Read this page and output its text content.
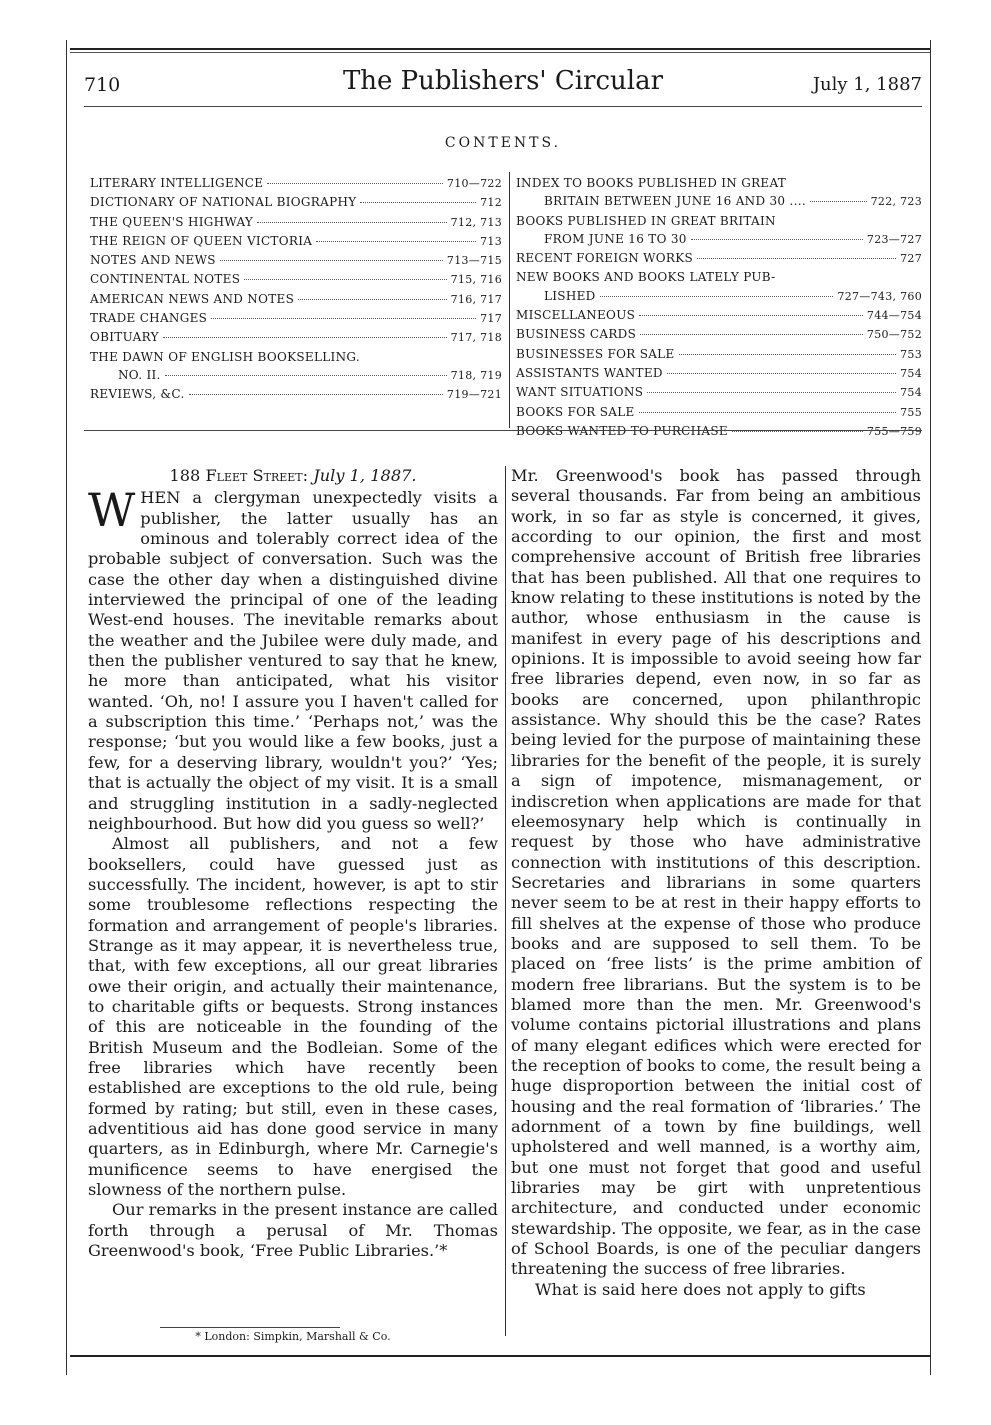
710	The Publishers' Circular	July 1, 1887
CONTENTS.
LITERARY INTELLIGENCE	710—722
DICTIONARY OF NATIONAL BIOGRAPHY	712
THE QUEEN'S HIGHWAY	712, 713
THE REIGN OF QUEEN VICTORIA	713
NOTES AND NEWS	713—715
CONTINENTAL NOTES	715, 716
AMERICAN NEWS AND NOTES	716, 717
TRADE CHANGES	717
OBITUARY	717, 718
THE DAWN OF ENGLISH BOOKSELLING.
NO. II.	718, 719
REVIEWS, &C.	719—721
INDEX TO BOOKS PUBLISHED IN GREAT
BRITAIN BETWEEN JUNE 16 AND 30 ....	722, 723
BOOKS PUBLISHED IN GREAT BRITAIN
FROM JUNE 16 TO 30	723—727
RECENT FOREIGN WORKS	727
NEW BOOKS AND BOOKS LATELY PUB-
LISHED	727—743, 760
MISCELLANEOUS	744—754
BUSINESS CARDS	750—752
BUSINESSES FOR SALE	753
ASSISTANTS WANTED	754
WANT SITUATIONS	754
BOOKS FOR SALE	755
BOOKS WANTED TO PURCHASE	755—759
188 Fleet Street: July 1, 1887.

WHEN a clergyman unexpectedly visits a publisher, the latter usually has an ominous and tolerably correct idea of the probable subject of conversation. Such was the case the other day when a distinguished divine interviewed the principal of one of the leading West-end houses. The inevitable remarks about the weather and the Jubilee were duly made, and then the publisher ventured to say that he knew, he more than anticipated, what his visitor wanted. ‘Oh, no! I assure you I haven't called for a subscription this time.’ ‘Perhaps not,’ was the response; ‘but you would like a few books, just a few, for a deserving library, wouldn't you?’ ‘Yes; that is actually the object of my visit. It is a small and struggling institution in a sadly-neglected neighbourhood. But how did you guess so well?’

Almost all publishers, and not a few booksellers, could have guessed just as successfully. The incident, however, is apt to stir some troublesome reflections respecting the formation and arrangement of people's libraries. Strange as it may appear, it is nevertheless true, that, with few exceptions, all our great libraries owe their origin, and actually their maintenance, to charitable gifts or bequests. Strong instances of this are noticeable in the founding of the British Museum and the Bodleian. Some of the free libraries which have recently been established are exceptions to the old rule, being formed by rating; but still, even in these cases, adventitious aid has done good service in many quarters, as in Edinburgh, where Mr. Carnegie's munificence seems to have energised the slowness of the northern pulse.

Our remarks in the present instance are called forth through a perusal of Mr. Thomas Greenwood's book, ‘Free Public Libraries.’*

Mr. Greenwood's book has passed through several thousands. Far from being an ambitious work, in so far as style is concerned, it gives, according to our opinion, the first and most comprehensive account of British free libraries that has been published. All that one requires to know relating to these institutions is noted by the author, whose enthusiasm in the cause is manifest in every page of his descriptions and opinions. It is impossible to avoid seeing how far free libraries depend, even now, in so far as books are concerned, upon philanthropic assistance. Why should this be the case? Rates being levied for the purpose of maintaining these libraries for the benefit of the people, it is surely a sign of impotence, mismanagement, or indiscretion when applications are made for that eleemosynary help which is continually in request by those who have administrative connection with institutions of this description. Secretaries and librarians in some quarters never seem to be at rest in their happy efforts to fill shelves at the expense of those who produce books and are supposed to sell them. To be placed on ‘free lists’ is the prime ambition of modern free librarians. But the system is to be blamed more than the men. Mr. Greenwood's volume contains pictorial illustrations and plans of many elegant edifices which were erected for the reception of books to come, the result being a huge disproportion between the initial cost of housing and the real formation of ‘libraries.’ The adornment of a town by fine buildings, well upholstered and well manned, is a worthy aim, but one must not forget that good and useful libraries may be girt with unpretentious architecture, and conducted under economic stewardship. The opposite, we fear, as in the case of School Boards, is one of the peculiar dangers threatening the success of free libraries.

What is said here does not apply to gifts

* London: Simpkin, Marshall & Co.
